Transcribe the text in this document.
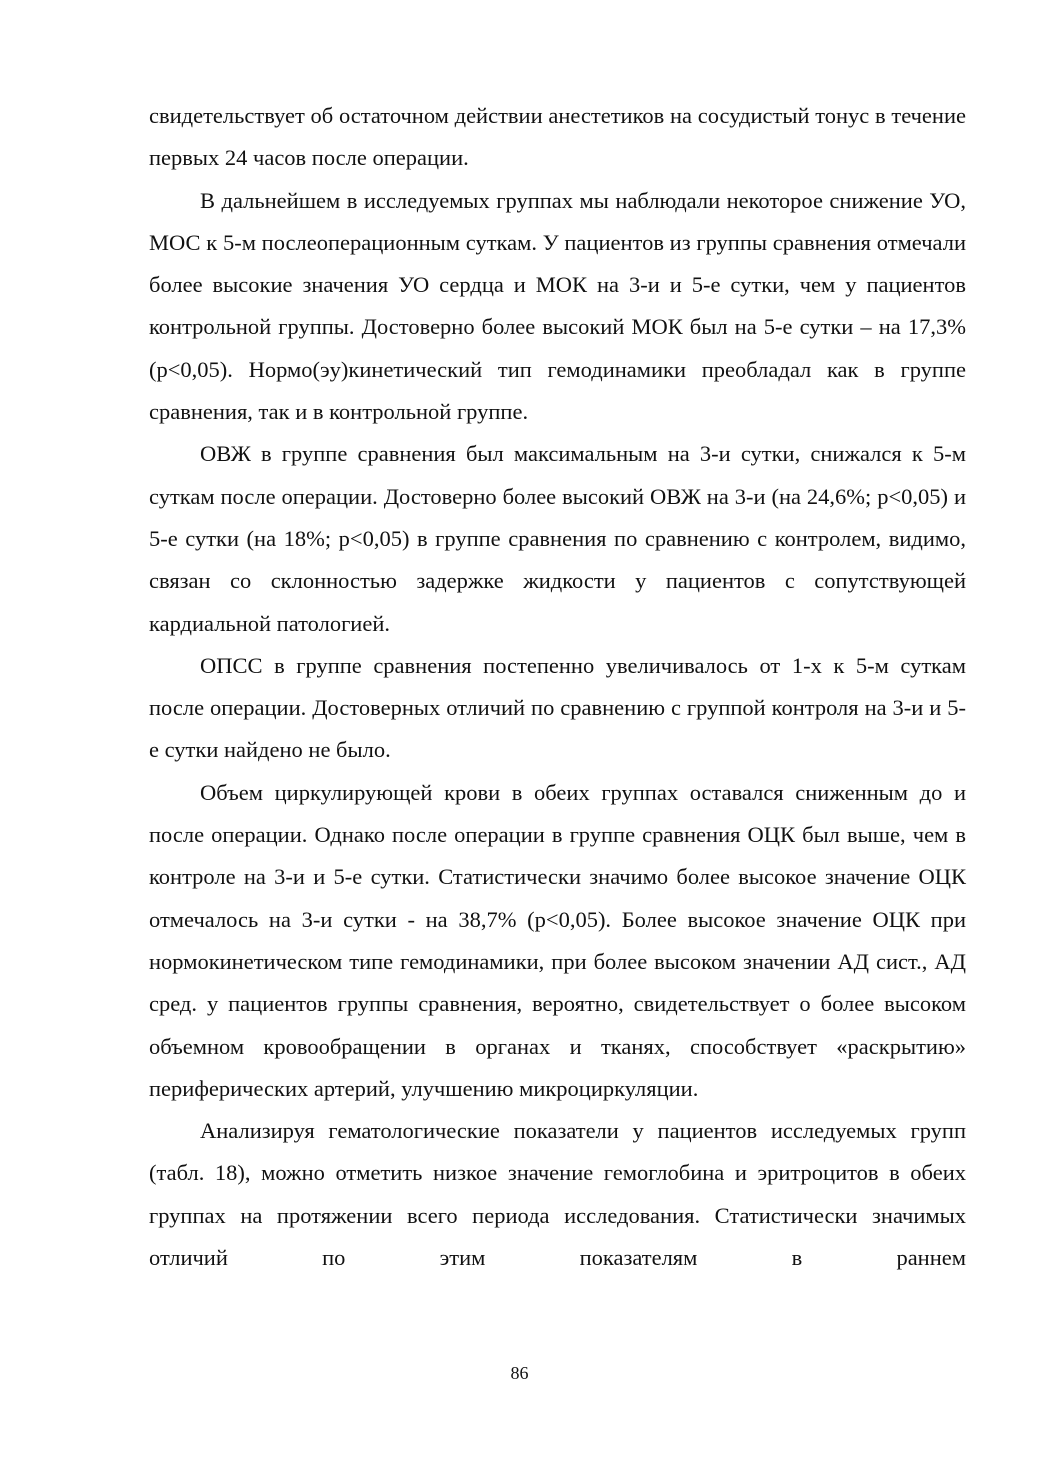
свидетельствует об остаточном действии анестетиков на сосудистый тонус в течение первых 24 часов после операции.

В дальнейшем в исследуемых группах мы наблюдали некоторое снижение УО, МОС к 5-м послеоперационным суткам. У пациентов из группы сравнения отмечали более высокие значения УО сердца и МОК на 3-и и 5-е сутки, чем у пациентов контрольной группы. Достоверно более высокий МОК был на 5-е сутки – на 17,3% (р<0,05). Нормо(эу)кинетический тип гемодинамики преобладал как в группе сравнения, так и в контрольной группе.

ОВЖ в группе сравнения был максимальным на 3-и сутки, снижался к 5-м суткам после операции. Достоверно более высокий ОВЖ на 3-и (на 24,6%; р<0,05) и 5-е сутки (на 18%; р<0,05) в группе сравнения по сравнению с контролем, видимо, связан со склонностью задержке жидкости у пациентов с сопутствующей кардиальной патологией.

ОПСС в группе сравнения постепенно увеличивалось от 1-х к 5-м суткам после операции. Достоверных отличий по сравнению с группой контроля на 3-и и 5-е сутки найдено не было.

Объем циркулирующей крови в обеих группах оставался сниженным до и после операции. Однако после операции в группе сравнения ОЦК был выше, чем в контроле на 3-и и 5-е сутки. Статистически значимо более высокое значение ОЦК отмечалось на 3-и сутки - на 38,7% (р<0,05). Более высокое значение ОЦК при нормокинетическом типе гемодинамики, при более высоком значении АД сист., АД сред. у пациентов группы сравнения, вероятно, свидетельствует о более высоком объемном кровообращении в органах и тканях, способствует «раскрытию» периферических артерий, улучшению микроциркуляции.

Анализируя гематологические показатели у пациентов исследуемых групп (табл. 18), можно отметить низкое значение гемоглобина и эритроцитов в обеих группах на протяжении всего периода исследования. Статистически значимых отличий по этим показателям в раннем

86
